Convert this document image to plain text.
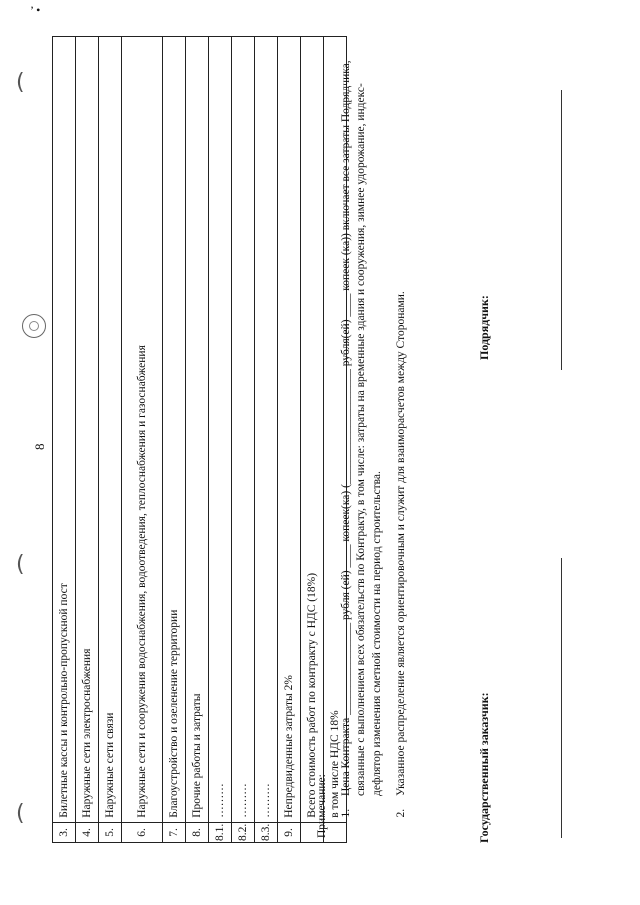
’ •
(
(
(
8
3.	Билетные кассы и контрольно-пропускной пост
4.	Наружные сети электроснабжения
5.	Наружные сети связи
6.	Наружные сети и сооружения водоснабжения, водоотведения, теплоснабжения и газоснабжения
7.	Благоустройство и озеленение территории
8.	Прочие работы и затраты
8.1.	………
8.2.	………
8.3.	………
9.	Непредвиденные затраты 2%
	Всего стоимость работ по контракту с НДС (18%)
	в том числе НДС 18%
Примечание:
1. Цена Контракта ________________ рубля (ей) ____ копеек(ка) (____________________ рубля(ей) ____ копеек (ка)) включает все затраты Подрядчика, связанные с выполнением всех обязательств по Контракту, в том числе: затраты на временные здания и сооружения, зимнее удорожание, индекс-дефлятор изменения сметной стоимости на период строительства. 2. Указанное распределение является ориентировочным и служит для взаиморасчетов между Сторонами.	Государственный заказчик:
Подрядчик:
